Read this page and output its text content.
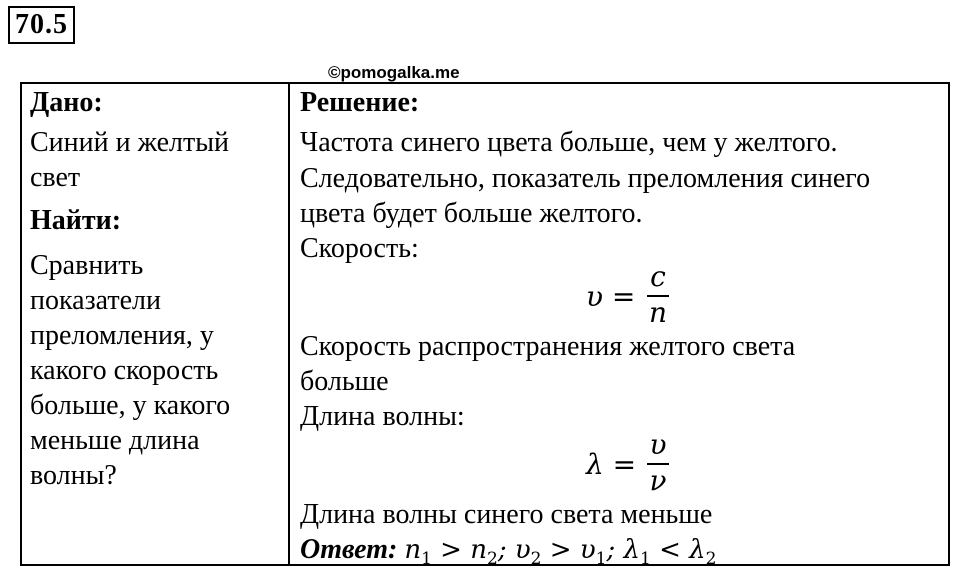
70.5
Дано:
Синий и желтый
свет
Найти:
Сравнить
показатели
преломления, у
какого скорость
больше, у какого
меньше длина
волны?
Решение:
Частота синего цвета больше, чем у желтого.
Следовательно, показатель преломления синего
цвета будет больше желтого.
Скорость:
υ =
c
n
Скорость распространения желтого света
больше
Длина волны:
λ =
υ
ν
Длина волны синего света меньше
Ответ: $n_1 > n_2$; $\upsilon_2 > \upsilon_1$; $\lambda_1 < \lambda_2$
©pomogalka.me
